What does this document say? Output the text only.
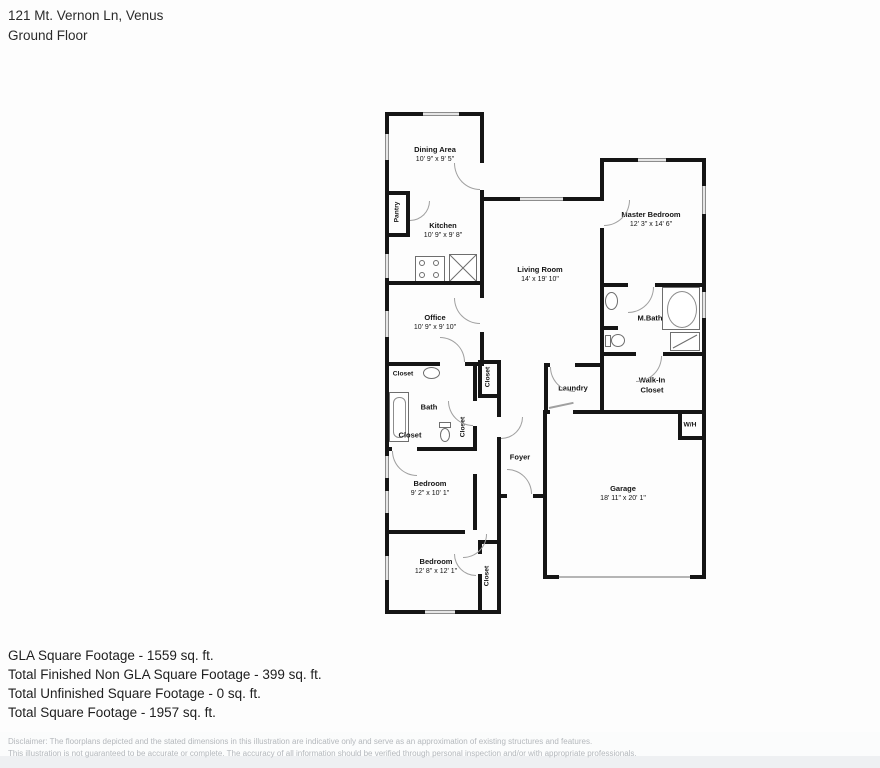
121 Mt. Vernon Ln, Venus
Ground Floor
Dining Area
10' 9" x 9' 5"
Kitchen
10' 9" x 9' 8"
Pantry
Living Room
14' x 19' 10"
Master Bedroom
12' 3" x 14' 6"
M.Bath
Walk-In Closet
Laundry
W/H
Office
10' 9" x 9' 10"
Bath
Closet
Closet
Closet
Closet
Foyer
Bedroom
9' 2" x 10' 1"
Bedroom
12' 8" x 12' 1"	Closet
Garage
18' 11" x 20' 1"
GLA Square Footage - 1559 sq. ft.
Total Finished Non GLA Square Footage - 399 sq. ft.
Total Unfinished Square Footage - 0 sq. ft.
Total Square Footage - 1957 sq. ft.
Disclaimer: The floorplans depicted and the stated dimensions in this illustration are indicative only and serve as an approximation of existing structures and features.
This illustration is not guaranteed to be accurate or complete. The accuracy of all information should be verified through personal inspection and/or with appropriate professionals.
